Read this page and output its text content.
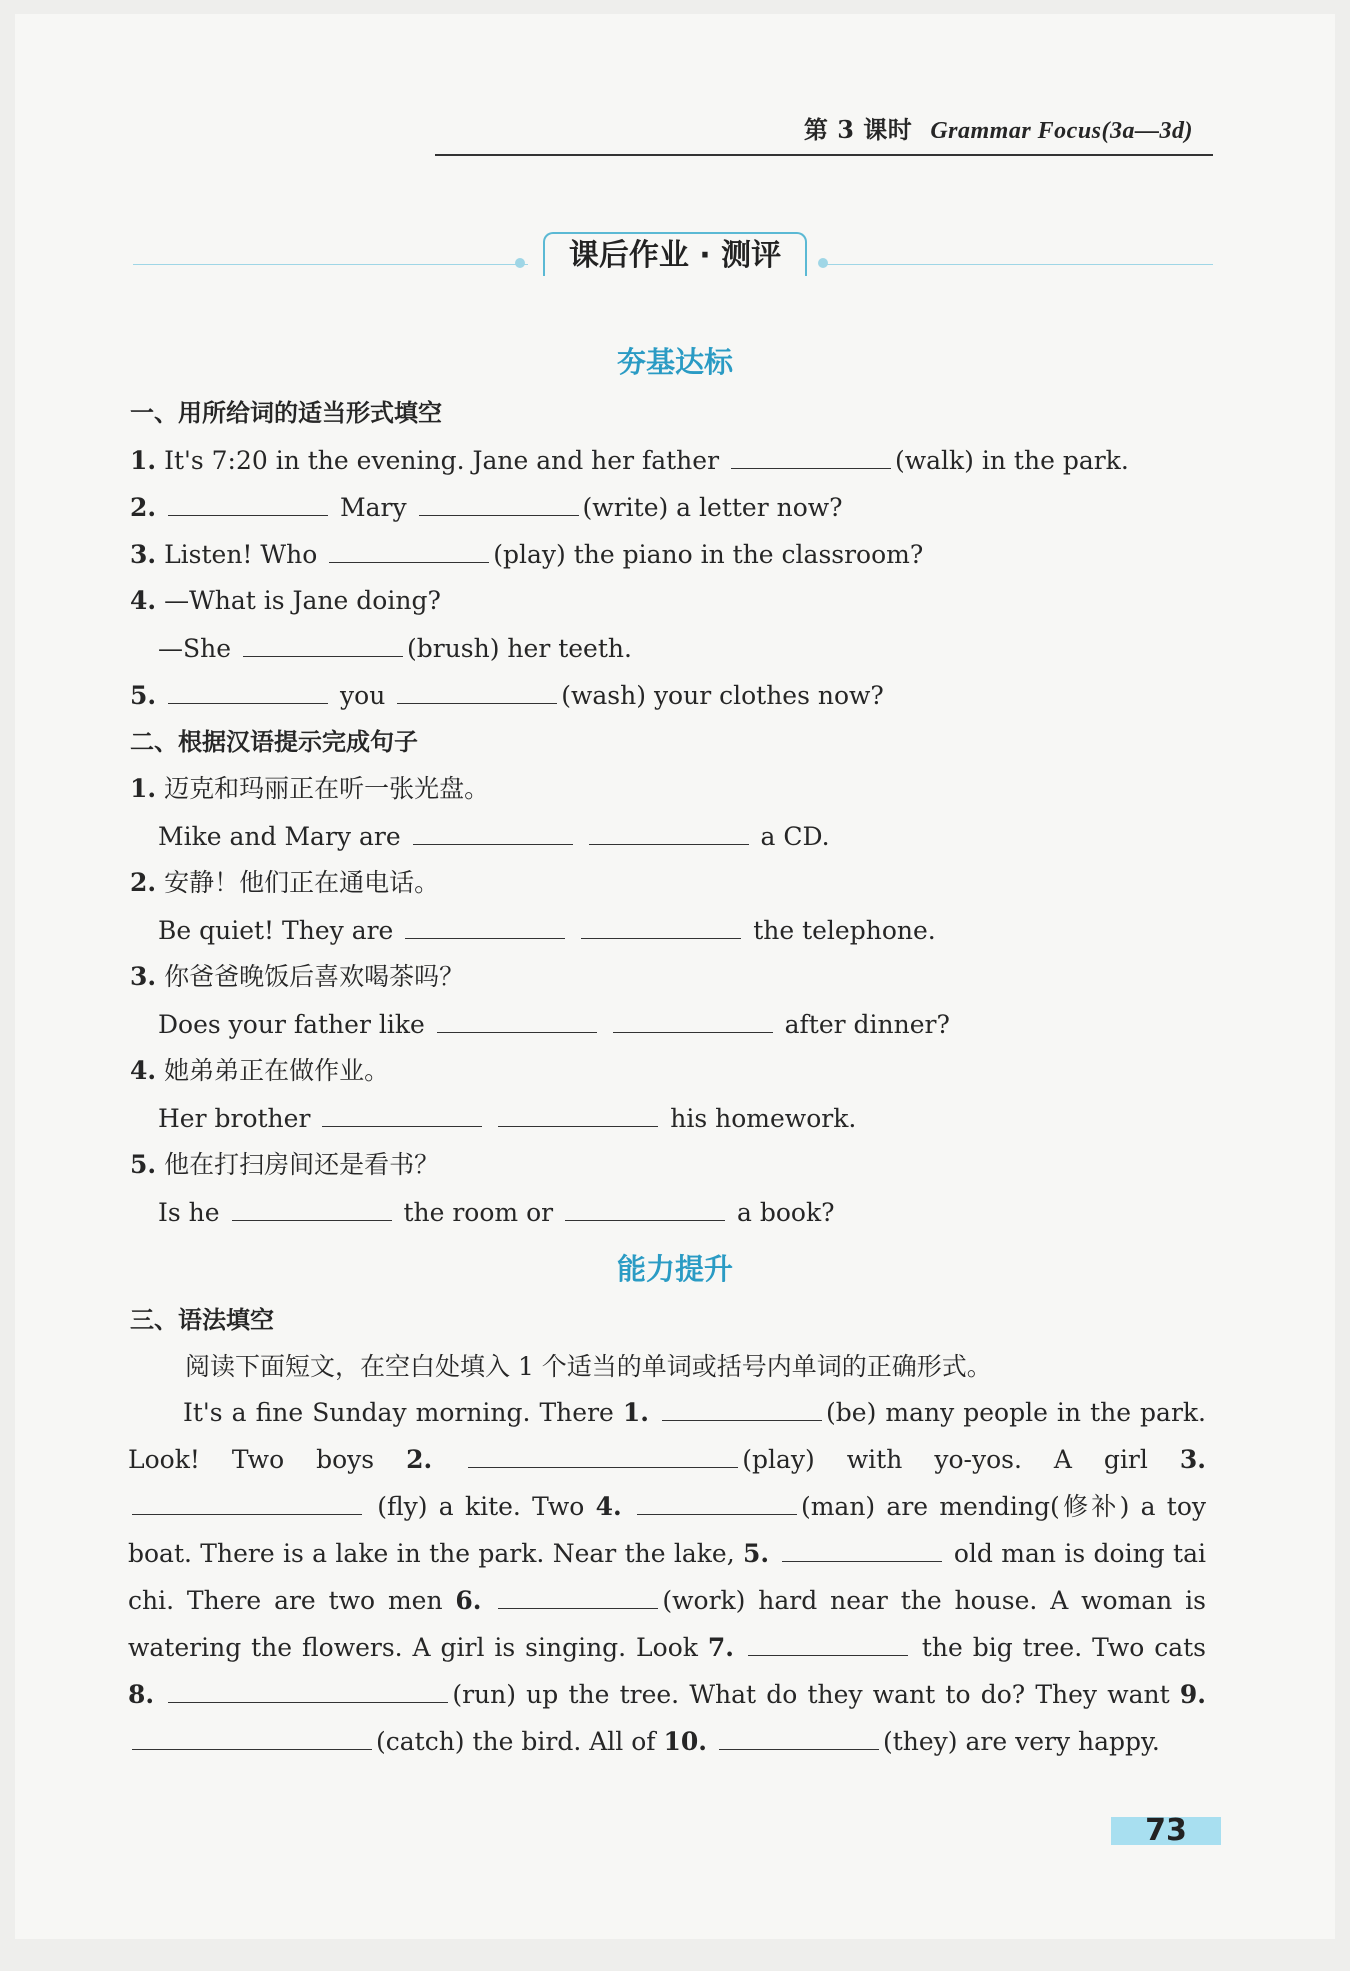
第 3 课时 Grammar Focus(3a—3d)
课后作业 · 测评
夯基达标
一、用所给词的适当形式填空
1. It's 7:20 in the evening. Jane and her father	(walk) in the park.
2.	Mary	(write) a letter now?
3. Listen! Who	(play) the piano in the classroom?
4. —What is Jane doing?
—She	(brush) her teeth.
5.	you	(wash) your clothes now?
二、根据汉语提示完成句子
1. 迈克和玛丽正在听一张光盘。
Mike and Mary are	a CD.
2. 安静！他们正在通电话。
Be quiet! They are	the telephone.
3. 你爸爸晚饭后喜欢喝茶吗？
Does your father like	after dinner?
4. 她弟弟正在做作业。
Her brother	his homework.
5. 他在打扫房间还是看书？
Is he	the room or	a book?
能力提升
三、语法填空
阅读下面短文，在空白处填入 1 个适当的单词或括号内单词的正确形式。

It's a fine Sunday morning. There 1.	(be) many people in the park. Look! Two boys 2.	(play) with yo-yos. A girl 3.  (fly) a kite. Two 4.	(man) are mending(修补) a toy boat. There is a lake in the park. Near the lake, 5.	old man is doing tai chi. There are two men 6.	(work) hard near the house. A woman is watering the flowers. A girl is singing. Look 7.	the big tree. Two cats 8.	(run) up the tree. What do they want to do? They want 9. (catch) the bird. All of 10.	(they) are very happy.

73
